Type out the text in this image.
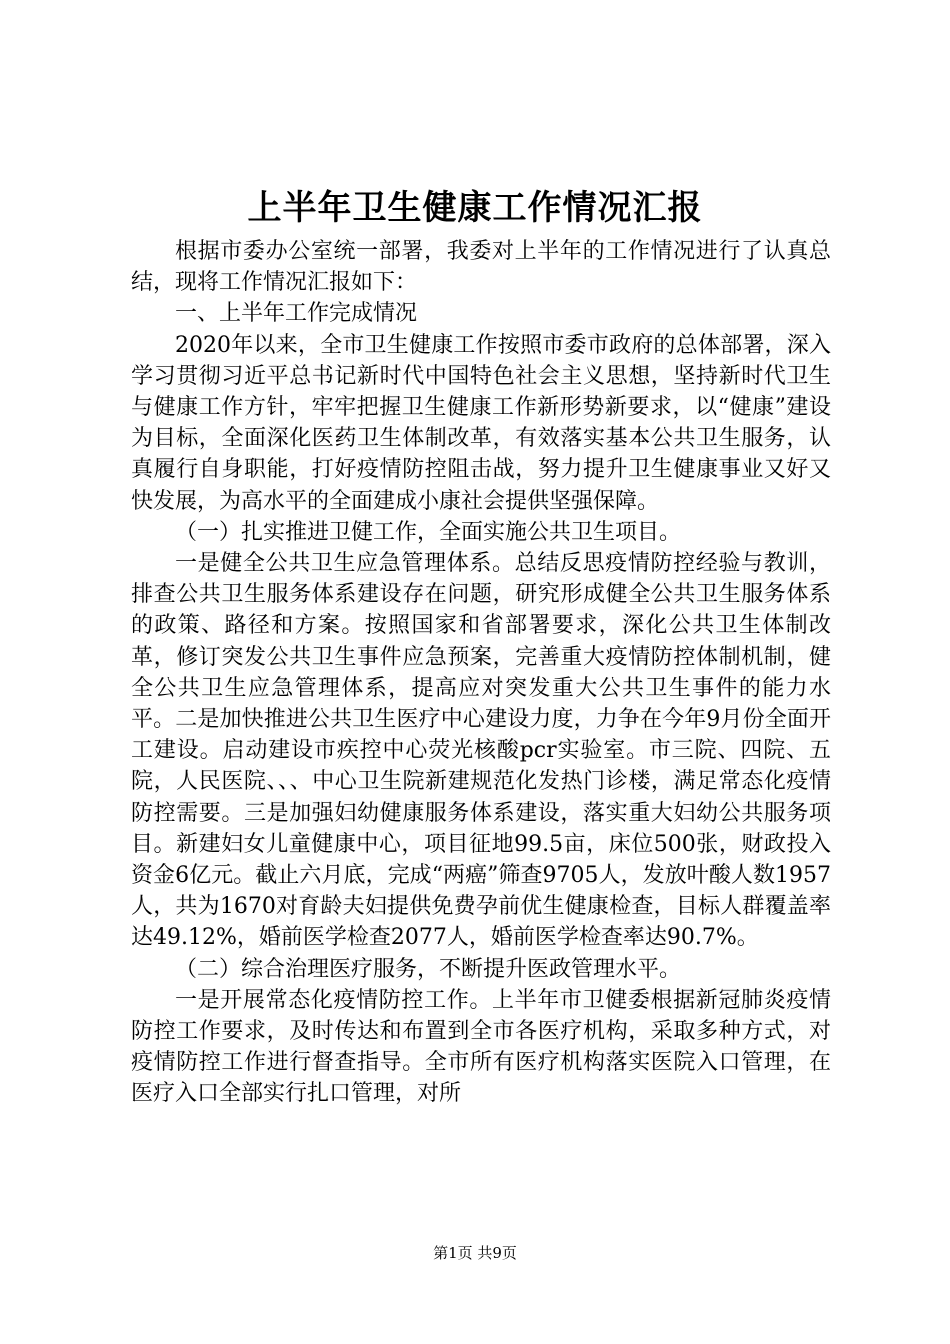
上半年卫生健康工作情况汇报

根据市委办公室统一部署，我委对上半年的工作情况进行了认真总结，现将工作情况汇报如下：

一、上半年工作完成情况

2020年以来，全市卫生健康工作按照市委市政府的总体部署，深入学习贯彻习近平总书记新时代中国特色社会主义思想，坚持新时代卫生与健康工作方针，牢牢把握卫生健康工作新形势新要求，以“健康”建设为目标，全面深化医药卫生体制改革，有效落实基本公共卫生服务，认真履行自身职能，打好疫情防控阻击战，努力提升卫生健康事业又好又快发展，为高水平的全面建成小康社会提供坚强保障。

（一）扎实推进卫健工作，全面实施公共卫生项目。

一是健全公共卫生应急管理体系。总结反思疫情防控经验与教训，排查公共卫生服务体系建设存在问题，研究形成健全公共卫生服务体系的政策、路径和方案。按照国家和省部署要求，深化公共卫生体制改革，修订突发公共卫生事件应急预案，完善重大疫情防控体制机制，健全公共卫生应急管理体系，提高应对突发重大公共卫生事件的能力水平。二是加快推进公共卫生医疗中心建设力度，力争在今年9月份全面开工建设。启动建设市疾控中心荧光核酸pcr实验室。市三院、四院、五院，人民医院、、、中心卫生院新建规范化发热门诊楼，满足常态化疫情防控需要。三是加强妇幼健康服务体系建设，落实重大妇幼公共服务项目。新建妇女儿童健康中心，项目征地99.5亩，床位500张，财政投入资金6亿元。截止六月底，完成“两癌”筛查9705人，发放叶酸人数1957人，共为1670对育龄夫妇提供免费孕前优生健康检查，目标人群覆盖率达49.12%，婚前医学检查2077人，婚前医学检查率达90.7%。

（二）综合治理医疗服务，不断提升医政管理水平。

一是开展常态化疫情防控工作。上半年市卫健委根据新冠肺炎疫情防控工作要求，及时传达和布置到全市各医疗机构，采取多种方式，对疫情防控工作进行督查指导。全市所有医疗机构落实医院入口管理，在医疗入口全部实行扎口管理，对所

第1页 共9页
